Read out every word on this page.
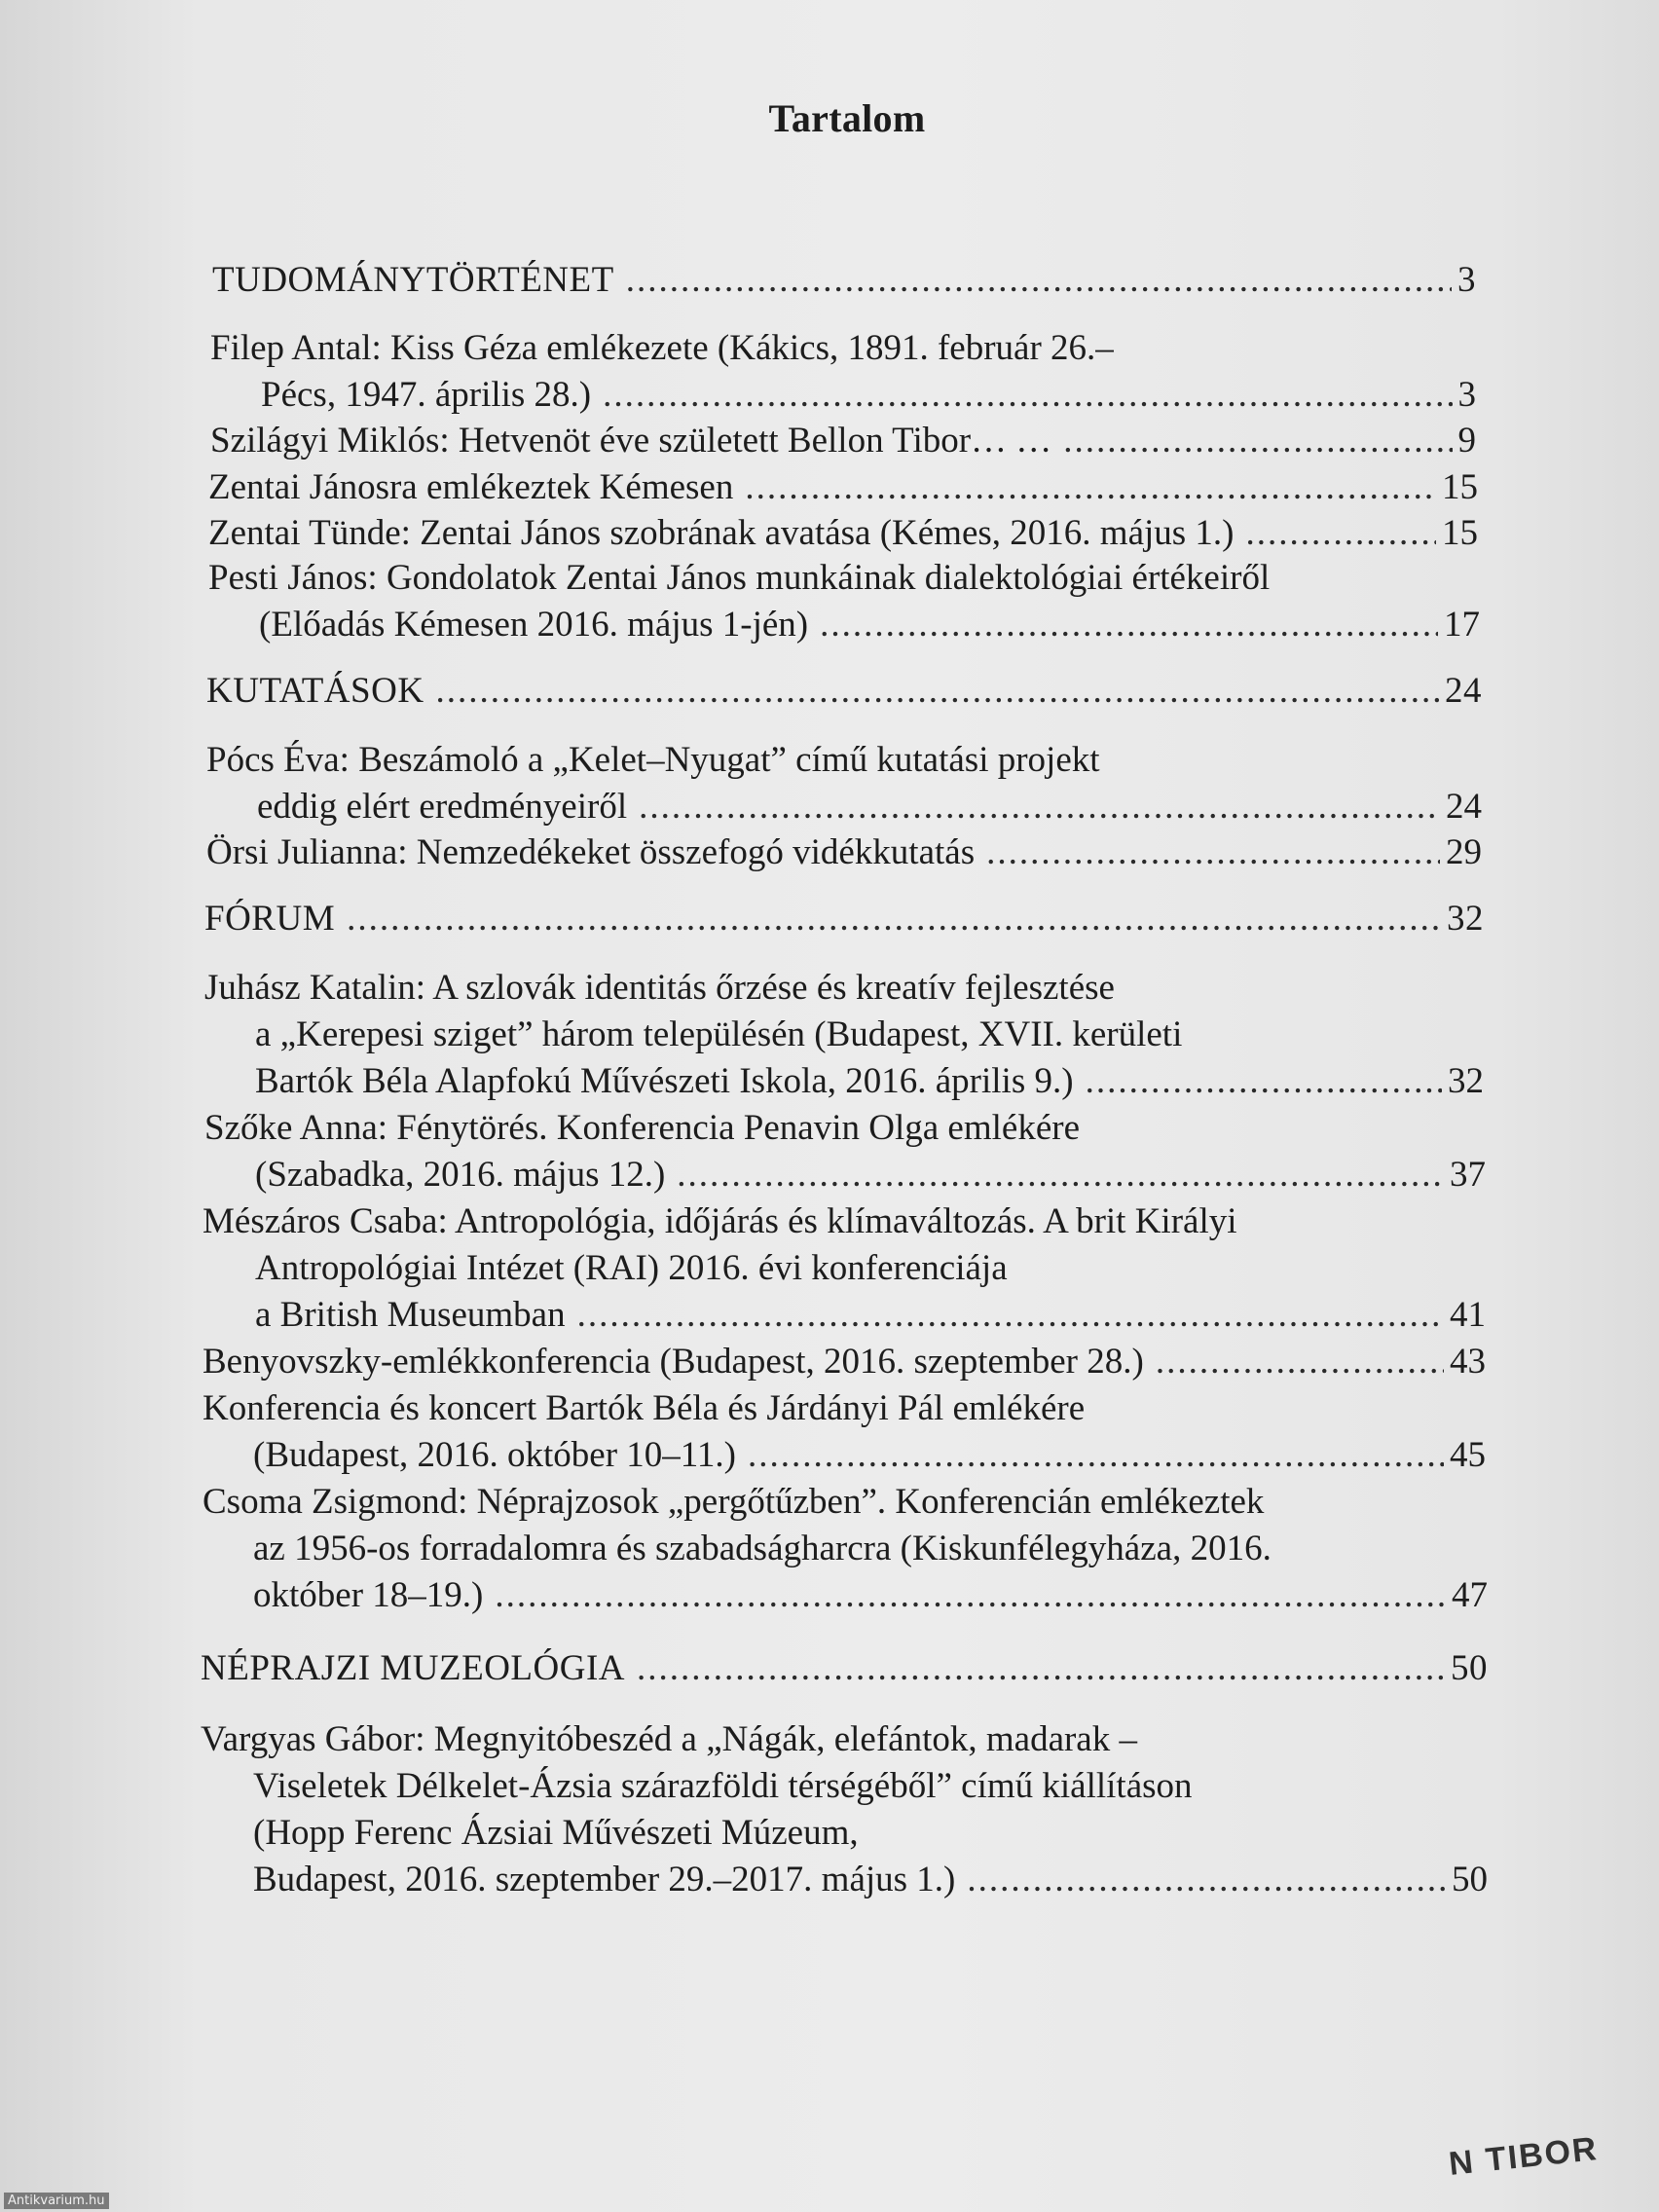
Tartalom
TUDOMÁNYTÖRTÉNET .....	3
Filep Antal: Kiss Géza emlékezete (Kákics, 1891. február 26.–
Pécs, 1947. április 28.) .....	3
Szilágyi Miklós: Hetvenöt éve született Bellon Tibor… … .....	9
Zentai Jánosra emlékeztek Kémesen .....	15
Zentai Tünde: Zentai János szobrának avatása (Kémes, 2016. május 1.) .....	15
Pesti János: Gondolatok Zentai János munkáinak dialektológiai értékeiről
(Előadás Kémesen 2016. május 1-jén) .....	17
KUTATÁSOK .....	24
Pócs Éva: Beszámoló a „Kelet–Nyugat” című kutatási projekt
eddig elért eredményeiről .....	24
Örsi Julianna: Nemzedékeket összefogó vidékkutatás .....	29
FÓRUM .....	32
Juhász Katalin: A szlovák identitás őrzése és kreatív fejlesztése
a „Kerepesi sziget” három településén (Budapest, XVII. kerületi
Bartók Béla Alapfokú Művészeti Iskola, 2016. április 9.) .....	32
Szőke Anna: Fénytörés. Konferencia Penavin Olga emlékére
(Szabadka, 2016. május 12.) .....	37
Mészáros Csaba: Antropológia, időjárás és klímaváltozás. A brit Királyi
Antropológiai Intézet (RAI) 2016. évi konferenciája
a British Museumban .....	41
Benyovszky-emlékkonferencia (Budapest, 2016. szeptember 28.) .....	43
Konferencia és koncert Bartók Béla és Járdányi Pál emlékére
(Budapest, 2016. október 10–11.) .....	45
Csoma Zsigmond: Néprajzosok „pergőtűzben”. Konferencián emlékeztek
az 1956-os forradalomra és szabadságharcra (Kiskunfélegyháza, 2016.
október 18–19.) .....	47
NÉPRAJZI MUZEOLÓGIA .....	50
Vargyas Gábor: Megnyitóbeszéd a „Nágák, elefántok, madarak –
Viseletek Délkelet-Ázsia szárazföldi térségéből” című kiállításon
(Hopp Ferenc Ázsiai Művészeti Múzeum,
Budapest, 2016. szeptember 29.–2017. május 1.) .....	50
N TIBOR
Antikvarium.hu
